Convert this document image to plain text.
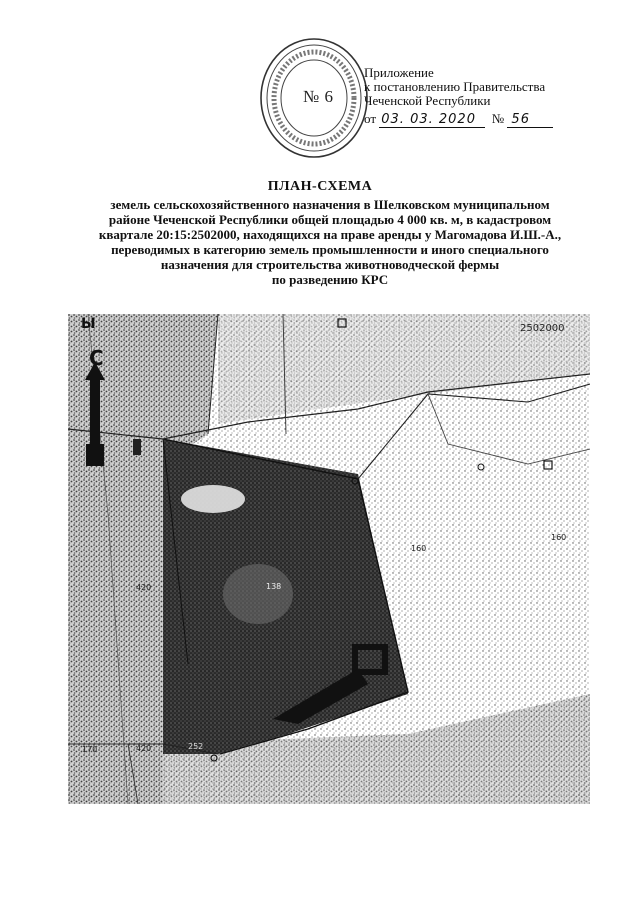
№ 6
Приложение
к постановлению Правительства
Чеченской Республики
от 03. 03. 2020 № 56
ПЛАН-СХЕМА
земель сельскохозяйственного назначения в Шелковском муниципальном
районе Чеченской Республики общей площадью 4 000 кв. м, в кадастровом
квартале 20:15:2502000, находящихся на праве аренды у Магомадова И.Ш.-А.,
переводимых в категорию земель промышленности и иного специального
назначения для строительства животноводческой фермы
по разведению КРС
2502000
160
160
138
420
170	420	252
С
Ы
